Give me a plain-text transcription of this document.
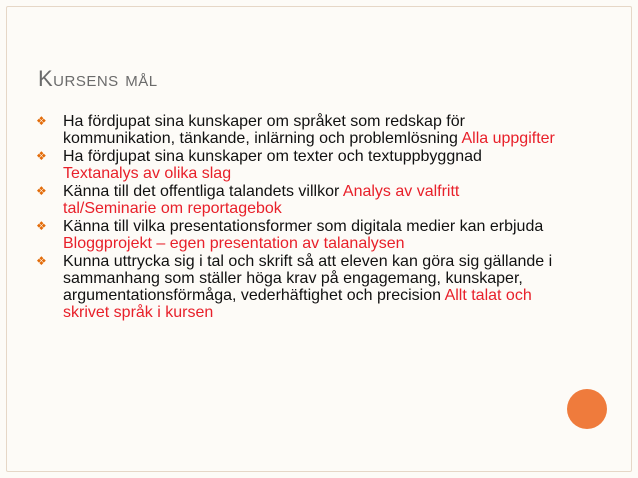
Kursens mål
❖ Ha fördjupat sina kunskaper om språket som redskap för kommunikation, tänkande, inlärning och problemlösning Alla uppgifter
❖ Ha fördjupat sina kunskaper om texter och textuppbyggnad Textanalys av olika slag
❖ Känna till det offentliga talandets villkor Analys av valfritt tal/Seminarie om reportagebok
❖ Känna till vilka presentationsformer som digitala medier kan erbjuda Bloggprojekt – egen presentation av talanalysen
❖ Kunna uttrycka sig i tal och skrift så att eleven kan göra sig gällande i sammanhang som ställer höga krav på engagemang, kunskaper, argumentationsförmåga, vederhäftighet och precision Allt talat och skrivet språk i kursen
